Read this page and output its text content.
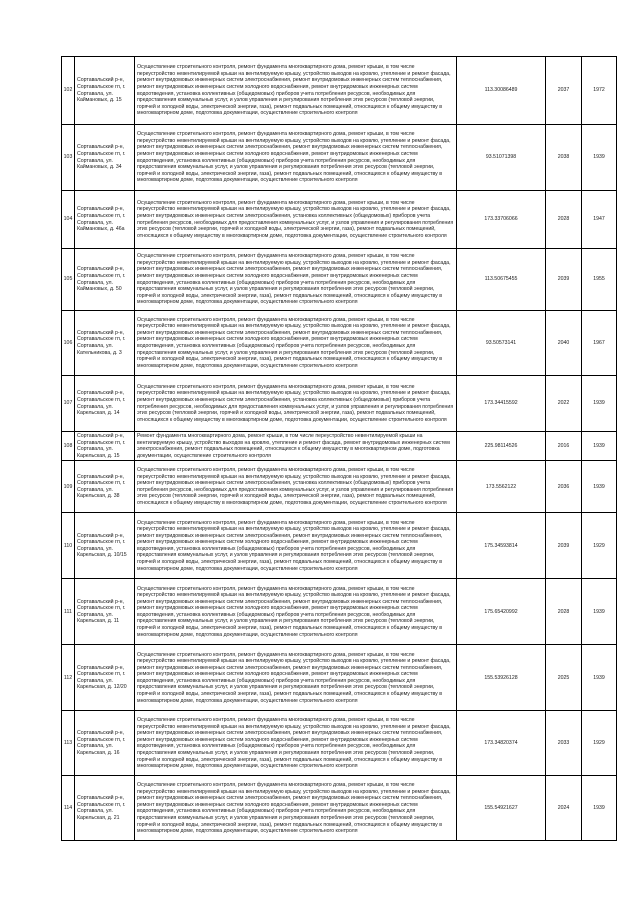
102	Сортавальский р-н, Сортавальское гп, г. Сортавала, ул. Каймановых, д. 15	Осуществление строительного контроля, ремонт фундамента многоквартирного дома, ремонт крыши, в том числе переустройство невентилируемой крыши на вентилируемую крышу, устройство выходов на кровлю, утепление и ремонт фасада, ремонт внутридомовых инженерных систем электроснабжения, ремонт внутридомовых инженерных систем теплоснабжения, ремонт внутридомовых инженерных систем холодного водоснабжения, ремонт внутридомовых инженерных систем водоотведения, установка коллективных (общедомовых) приборов учета потребления ресурсов, необходимых для предоставления коммунальных услуг, и узлов управления и регулирования потребления этих ресурсов (тепловой энергии, горячей и холодной воды, электрической энергии, газа), ремонт подвальных помещений, относящихся к общему имуществу в многоквартирном доме, подготовка документации, осуществление строительного контроля	113.30086489	2037	1972
103	Сортавальский р-н, Сортавальское гп, г. Сортавала, ул. Каймановых, д. 34	Осуществление строительного контроля, ремонт фундамента многоквартирного дома, ремонт крыши, в том числе переустройство невентилируемой крыши на вентилируемую крышу, устройство выходов на кровлю, утепление и ремонт фасада, ремонт внутридомовых инженерных систем электроснабжения, ремонт внутридомовых инженерных систем теплоснабжения, ремонт внутридомовых инженерных систем холодного водоснабжения, ремонт внутридомовых инженерных систем водоотведения, установка коллективных (общедомовых) приборов учета потребления ресурсов, необходимых для предоставления коммунальных услуг, и узлов управления и регулирования потребления этих ресурсов (тепловой энергии, горячей и холодной воды, электрической энергии, газа), ремонт подвальных помещений, относящихся к общему имуществу в многоквартирном доме, подготовка документации, осуществление строительного контроля	93.51071398	2038	1939
104	Сортавальский р-н, Сортавальское гп, г. Сортавала, ул. Каймановых, д. 46а	Осуществление строительного контроля, ремонт фундамента многоквартирного дома, ремонт крыши, в том числе переустройство невентилируемой крыши на вентилируемую крышу, устройство выходов на кровлю, утепление и ремонт фасада, ремонт внутридомовых инженерных систем электроснабжения, установка коллективных (общедомовых) приборов учета потребления ресурсов, необходимых для предоставления коммунальных услуг, и узлов управления и регулирования потребления этих ресурсов (тепловой энергии, горячей и холодной воды, электрической энергии, газа), ремонт подвальных помещений, относящихся к общему имуществу в многоквартирном доме, подготовка документации, осуществление строительного контроля	173.33706066	2028	1947
105	Сортавальский р-н, Сортавальское гп, г. Сортавала, ул. Каймановых, д. 50	Осуществление строительного контроля, ремонт фундамента многоквартирного дома, ремонт крыши, в том числе переустройство невентилируемой крыши на вентилируемую крышу, устройство выходов на кровлю, утепление и ремонт фасада, ремонт внутридомовых инженерных систем электроснабжения, ремонт внутридомовых инженерных систем теплоснабжения, ремонт внутридомовых инженерных систем холодного водоснабжения, ремонт внутридомовых инженерных систем водоотведения, установка коллективных (общедомовых) приборов учета потребления ресурсов, необходимых для предоставления коммунальных услуг, и узлов управления и регулирования потребления этих ресурсов (тепловой энергии, горячей и холодной воды, электрической энергии, газа), ремонт подвальных помещений, относящихся к общему имуществу в многоквартирном доме, подготовка документации, осуществление строительного контроля	113.50675455	2039	1955
106	Сортавальский р-н, Сортавальское гп, г. Сортавала, ул. Кательникова, д. 3	Осуществление строительного контроля, ремонт фундамента многоквартирного дома, ремонт крыши, в том числе переустройство невентилируемой крыши на вентилируемую крышу, устройство выходов на кровлю, утепление и ремонт фасада, ремонт внутридомовых инженерных систем электроснабжения, ремонт внутридомовых инженерных систем теплоснабжения, ремонт внутридомовых инженерных систем холодного водоснабжения, ремонт внутридомовых инженерных систем водоотведения, установка коллективных (общедомовых) приборов учета потребления ресурсов, необходимых для предоставления коммунальных услуг, и узлов управления и регулирования потребления этих ресурсов (тепловой энергии, горячей и холодной воды, электрической энергии, газа), ремонт подвальных помещений, относящихся к общему имуществу в многоквартирном доме, подготовка документации, осуществление строительного контроля	93.50573141	2040	1967
107	Сортавальский р-н, Сортавальское гп, г. Сортавала, ул. Карельская, д. 14	Осуществление строительного контроля, ремонт фундамента многоквартирного дома, ремонт крыши, в том числе переустройство невентилируемой крыши на вентилируемую крышу, устройство выходов на кровлю, утепление и ремонт фасада, ремонт внутридомовых инженерных систем электроснабжения, установка коллективных (общедомовых) приборов учета потребления ресурсов, необходимых для предоставления коммунальных услуг, и узлов управления и регулирования потребления этих ресурсов (тепловой энергии, горячей и холодной воды, электрической энергии, газа), ремонт подвальных помещений, относящихся к общему имуществу в многоквартирном доме, подготовка документации, осуществление строительного контроля	173.34415592	2022	1939
108	Сортавальский р-н, Сортавальское гп, г. Сортавала, ул. Карельская, д. 15	Ремонт фундамента многоквартирного дома, ремонт крыши, в том числе переустройство невентилируемой крыши на вентилируемую крышу, устройство выходов на кровлю, утепление и ремонт фасада, ремонт внутридомовых инженерных систем электроснабжения, ремонт подвальных помещений, относящихся к общему имуществу в многоквартирном доме, подготовка документации, осуществление строительного контроля	225.98114526	2016	1939
109	Сортавальский р-н, Сортавальское гп, г. Сортавала, ул. Карельская, д. 38	Осуществление строительного контроля, ремонт фундамента многоквартирного дома, ремонт крыши, в том числе переустройство невентилируемой крыши на вентилируемую крышу, устройство выходов на кровлю, утепление и ремонт фасада, ремонт внутридомовых инженерных систем электроснабжения, установка коллективных (общедомовых) приборов учета потребления ресурсов, необходимых для предоставления коммунальных услуг, и узлов управления и регулирования потребления этих ресурсов (тепловой энергии, горячей и холодной воды, электрической энергии, газа), ремонт подвальных помещений, относящихся к общему имуществу в многоквартирном доме, подготовка документации, осуществление строительного контроля	173.5562122	2036	1939
110	Сортавальский р-н, Сортавальское гп, г. Сортавала, ул. Карельская, д. 10/15	Осуществление строительного контроля, ремонт фундамента многоквартирного дома, ремонт крыши, в том числе переустройство невентилируемой крыши на вентилируемую крышу, устройство выходов на кровлю, утепление и ремонт фасада, ремонт внутридомовых инженерных систем электроснабжения, ремонт внутридомовых инженерных систем теплоснабжения, ремонт внутридомовых инженерных систем холодного водоснабжения, ремонт внутридомовых инженерных систем водоотведения, установка коллективных (общедомовых) приборов учета потребления ресурсов, необходимых для предоставления коммунальных услуг, и узлов управления и регулирования потребления этих ресурсов (тепловой энергии, горячей и холодной воды, электрической энергии, газа), ремонт подвальных помещений, относящихся к общему имуществу в многоквартирном доме, подготовка документации, осуществление строительного контроля	175.34593814	2039	1929
111	Сортавальский р-н, Сортавальское гп, г. Сортавала, ул. Карельская, д. 11	Осуществление строительного контроля, ремонт фундамента многоквартирного дома, ремонт крыши, в том числе переустройство невентилируемой крыши на вентилируемую крышу, устройство выходов на кровлю, утепление и ремонт фасада, ремонт внутридомовых инженерных систем электроснабжения, ремонт внутридомовых инженерных систем теплоснабжения, ремонт внутридомовых инженерных систем холодного водоснабжения, ремонт внутридомовых инженерных систем водоотведения, установка коллективных (общедомовых) приборов учета потребления ресурсов, необходимых для предоставления коммунальных услуг, и узлов управления и регулирования потребления этих ресурсов (тепловой энергии, горячей и холодной воды, электрической энергии, газа), ремонт подвальных помещений, относящихся к общему имуществу в многоквартирном доме, подготовка документации, осуществление строительного контроля	175.65420992	2028	1939
112	Сортавальский р-н, Сортавальское гп, г. Сортавала, ул. Карельская, д. 12/20	Осуществление строительного контроля, ремонт фундамента многоквартирного дома, ремонт крыши, в том числе переустройство невентилируемой крыши на вентилируемую крышу, устройство выходов на кровлю, утепление и ремонт фасада, ремонт внутридомовых инженерных систем электроснабжения, ремонт внутридомовых инженерных систем теплоснабжения, ремонт внутридомовых инженерных систем холодного водоснабжения, ремонт внутридомовых инженерных систем водоотведения, установка коллективных (общедомовых) приборов учета потребления ресурсов, необходимых для предоставления коммунальных услуг, и узлов управления и регулирования потребления этих ресурсов (тепловой энергии, горячей и холодной воды, электрической энергии, газа), ремонт подвальных помещений, относящихся к общему имуществу в многоквартирном доме, подготовка документации, осуществление строительного контроля	155.53926128	2025	1939
113	Сортавальский р-н, Сортавальское гп, г. Сортавала, ул. Карельская, д. 16	Осуществление строительного контроля, ремонт фундамента многоквартирного дома, ремонт крыши, в том числе переустройство невентилируемой крыши на вентилируемую крышу, устройство выходов на кровлю, утепление и ремонт фасада, ремонт внутридомовых инженерных систем электроснабжения, ремонт внутридомовых инженерных систем теплоснабжения, ремонт внутридомовых инженерных систем холодного водоснабжения, ремонт внутридомовых инженерных систем водоотведения, установка коллективных (общедомовых) приборов учета потребления ресурсов, необходимых для предоставления коммунальных услуг, и узлов управления и регулирования потребления этих ресурсов (тепловой энергии, горячей и холодной воды, электрической энергии, газа), ремонт подвальных помещений, относящихся к общему имуществу в многоквартирном доме, подготовка документации, осуществление строительного контроля	173.34820374	2033	1929
114	Сортавальский р-н, Сортавальское гп, г. Сортавала, ул. Карельская, д. 21	Осуществление строительного контроля, ремонт фундамента многоквартирного дома, ремонт крыши, в том числе переустройство невентилируемой крыши на вентилируемую крышу, устройство выходов на кровлю, утепление и ремонт фасада, ремонт внутридомовых инженерных систем электроснабжения, ремонт внутридомовых инженерных систем теплоснабжения, ремонт внутридомовых инженерных систем холодного водоснабжения, ремонт внутридомовых инженерных систем водоотведения, установка коллективных (общедомовых) приборов учета потребления ресурсов, необходимых для предоставления коммунальных услуг, и узлов управления и регулирования потребления этих ресурсов (тепловой энергии, горячей и холодной воды, электрической энергии, газа), ремонт подвальных помещений, относящихся к общему имуществу в многоквартирном доме, подготовка документации, осуществление строительного контроля	155.54921627	2024	1939
